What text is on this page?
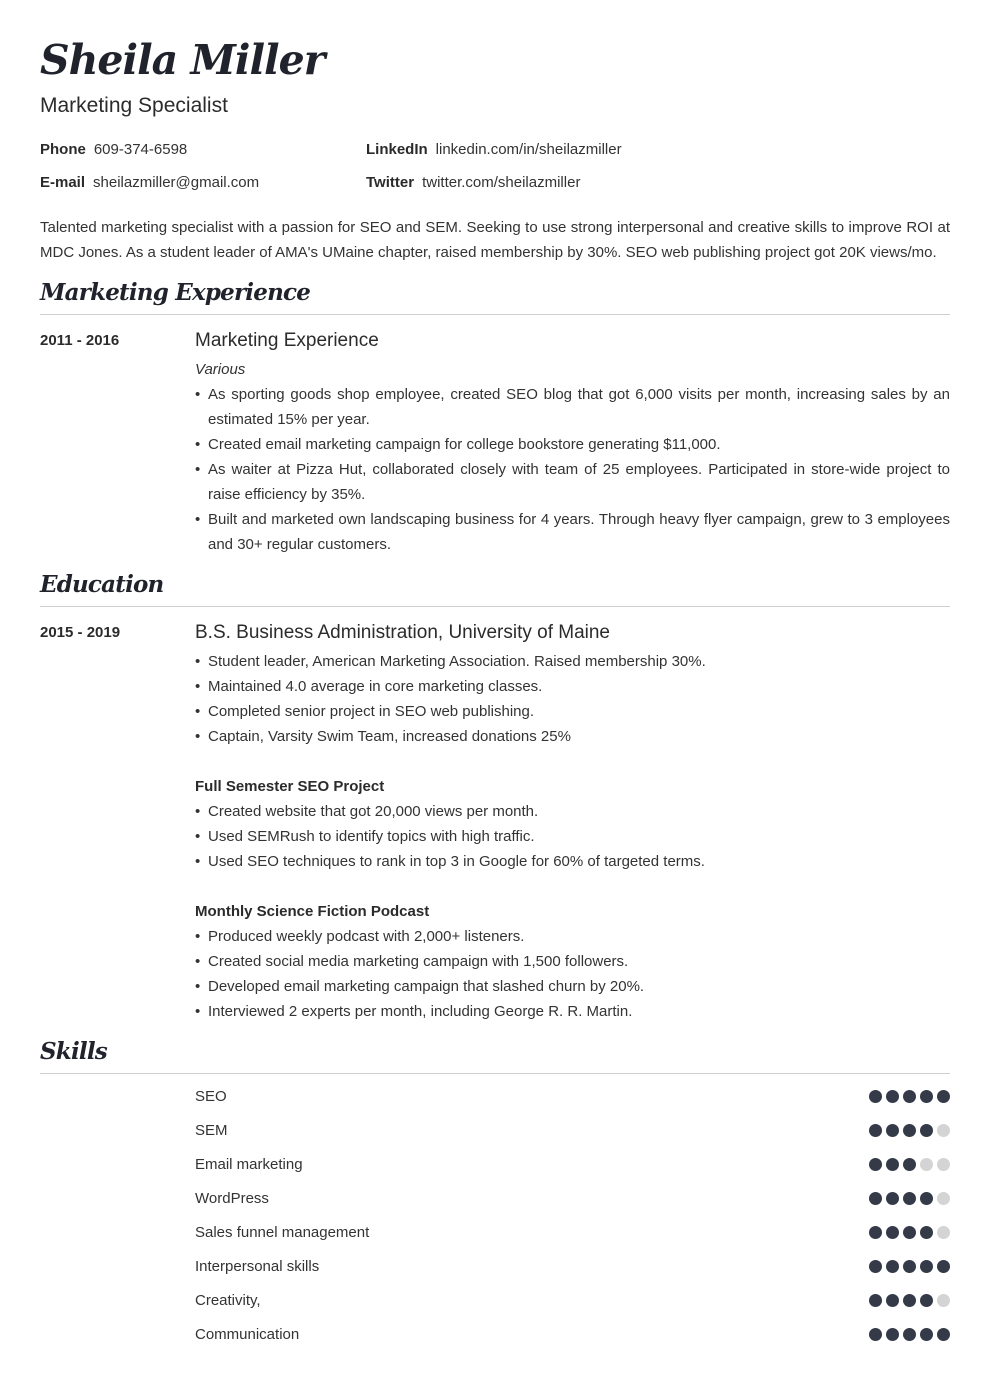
Sheila Miller
Marketing Specialist
Phone 609-374-6598	LinkedIn linkedin.com/in/sheilazmiller
E-mail sheilazmiller@gmail.com	Twitter twitter.com/sheilazmiller
Talented marketing specialist with a passion for SEO and SEM. Seeking to use strong interpersonal and creative skills to improve ROI at MDC Jones. As a student leader of AMA's UMaine chapter, raised membership by 30%. SEO web publishing project got 20K views/mo.
Marketing Experience
2011 - 2016	Marketing Experience
Various
• As sporting goods shop employee, created SEO blog that got 6,000 visits per month, increasing sales by an estimated 15% per year.
• Created email marketing campaign for college bookstore generating $11,000.
• As waiter at Pizza Hut, collaborated closely with team of 25 employees. Participated in store-wide project to raise efficiency by 35%.
• Built and marketed own landscaping business for 4 years. Through heavy flyer campaign, grew to 3 employees and 30+ regular customers.
Education
2015 - 2019	B.S. Business Administration, University of Maine
• Student leader, American Marketing Association. Raised membership 30%.
• Maintained 4.0 average in core marketing classes.
• Completed senior project in SEO web publishing.
• Captain, Varsity Swim Team, increased donations 25%
Full Semester SEO Project
• Created website that got 20,000 views per month.
• Used SEMRush to identify topics with high traffic.
• Used SEO techniques to rank in top 3 in Google for 60% of targeted terms.
Monthly Science Fiction Podcast
• Produced weekly podcast with 2,000+ listeners.
• Created social media marketing campaign with 1,500 followers.
• Developed email marketing campaign that slashed churn by 20%.
• Interviewed 2 experts per month, including George R. R. Martin.
Skills
SEO
SEM
Email marketing
WordPress
Sales funnel management
Interpersonal skills
Creativity,
Communication
